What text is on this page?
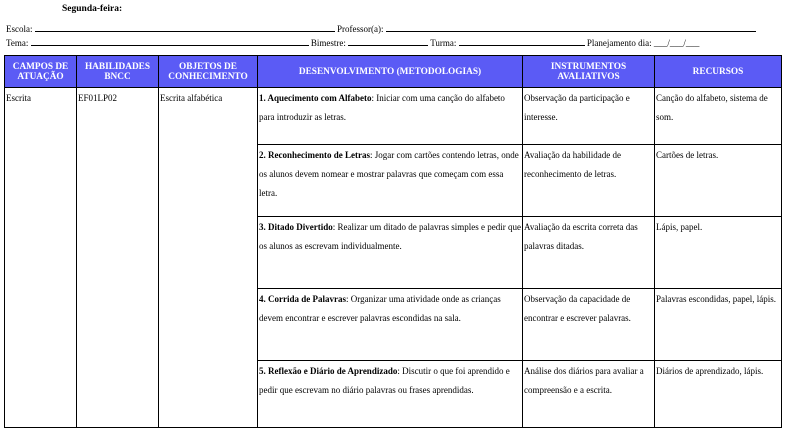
Segunda-feira:
Escola:	Professor(a):
Tema:	Bimestre:	Turma:	Planejamento dia: ___/___/___
CAMPOS DE ATUAÇÃO	HABILIDADES BNCC	OBJETOS DE CONHECIMENTO	DESENVOLVIMENTO (METODOLOGIAS)	INSTRUMENTOS AVALIATIVOS	RECURSOS
Escrita	EF01LP02	Escrita alfabética	1. Aquecimento com Alfabeto: Iniciar com uma canção do alfabeto para introduzir as letras.	Observação da participação e interesse.	Canção do alfabeto, sistema de som.
			2. Reconhecimento de Letras: Jogar com cartões contendo letras, onde os alunos devem nomear e mostrar palavras que começam com essa letra.	Avaliação da habilidade de reconhecimento de letras.	Cartões de letras.
			3. Ditado Divertido: Realizar um ditado de palavras simples e pedir que os alunos as escrevam individualmente.	Avaliação da escrita correta das palavras ditadas.	Lápis, papel.
			4. Corrida de Palavras: Organizar uma atividade onde as crianças devem encontrar e escrever palavras escondidas na sala.	Observação da capacidade de encontrar e escrever palavras.	Palavras escondidas, papel, lápis.
			5. Reflexão e Diário de Aprendizado: Discutir o que foi aprendido e pedir que escrevam no diário palavras ou frases aprendidas.	Análise dos diários para avaliar a compreensão e a escrita.	Diários de aprendizado, lápis.
